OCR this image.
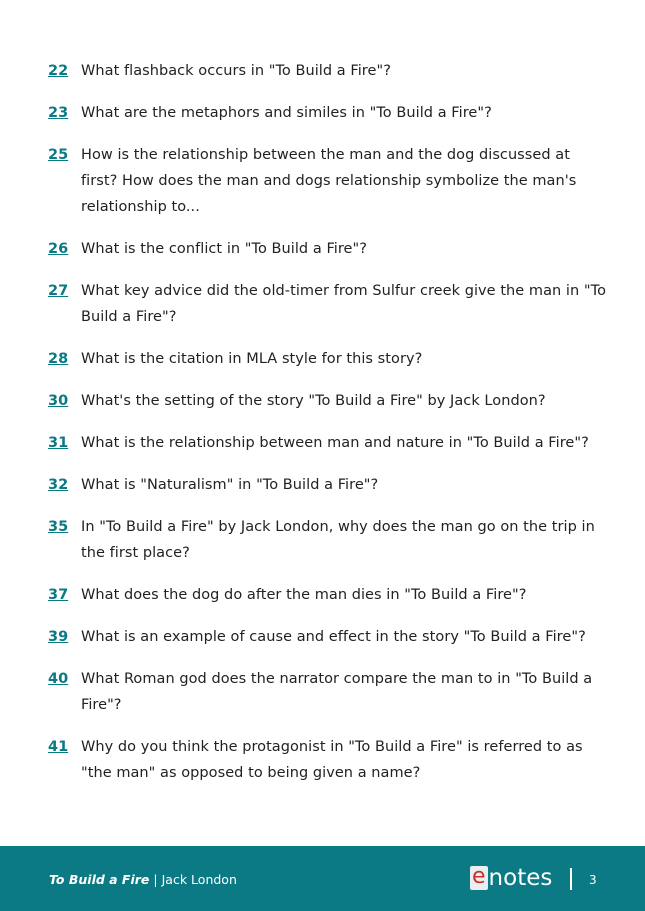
22 What flashback occurs in "To Build a Fire"?
23 What are the metaphors and similes in "To Build a Fire"?
25 How is the relationship between the man and the dog discussed at first? How does the man and dogs relationship symbolize the man's relationship to...
26 What is the conflict in "To Build a Fire"?
27 What key advice did the old-timer from Sulfur creek give the man in "To Build a Fire"?
28 What is the citation in MLA style for this story?
30 What's the setting of the story "To Build a Fire" by Jack London?
31 What is the relationship between man and nature in "To Build a Fire"?
32 What is "Naturalism" in "To Build a Fire"?
35 In "To Build a Fire" by Jack London, why does the man go on the trip in the first place?
37 What does the dog do after the man dies in "To Build a Fire"?
39 What is an example of cause and effect in the story "To Build a Fire"?
40 What Roman god does the narrator compare the man to in "To Build a Fire"?
41 Why do you think the protagonist in "To Build a Fire" is referred to as "the man" as opposed to being given a name?
To Build a Fire | Jack London	e notes	3
